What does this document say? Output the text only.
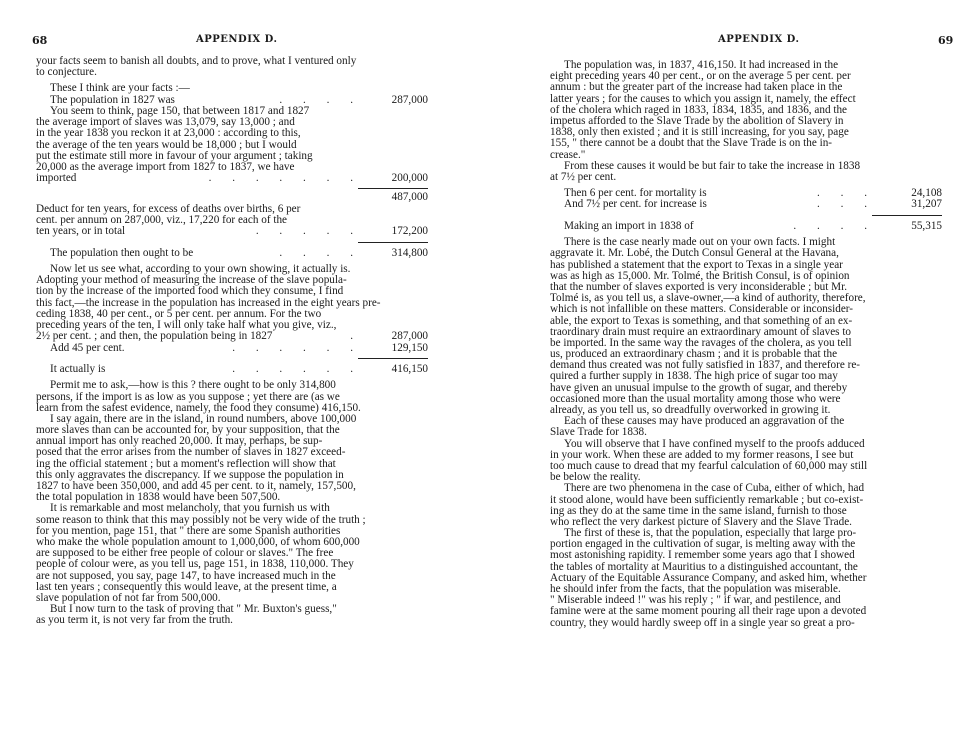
68	APPENDIX D.
your facts seem to banish all doubts, and to prove, what I ventured only
to conjecture.
These I think are your facts :—
The population in 1827 was	. . . .	287,000
You seem to think, page 150, that between 1817 and 1827
the average import of slaves was 13,079, say 13,000 ; and
in the year 1838 you reckon it at 23,000 : according to this,
the average of the ten years would be 18,000 ; but I would
put the estimate still more in favour of your argument ; taking
20,000 as the average import from 1827 to 1837, we have
imported	. . . . . . .	200,000
487,000
Deduct for ten years, for excess of deaths over births, 6 per
cent. per annum on 287,000, viz., 17,220 for each of the
ten years, or in total	. . . . .	172,200
The population then ought to be	. . . .	314,800
Now let us see what, according to your own showing, it actually is.
Adopting your method of measuring the increase of the slave popula-
tion by the increase of the imported food which they consume, I find
this fact,—the increase in the population has increased in the eight years pre-
ceding 1838, 40 per cent., or 5 per cent. per annum. For the two
preceding years of the ten, I will only take half what you give, viz.,
2½ per cent. ; and then, the population being in 1827	.	287,000
Add 45 per cent.	. . . . . .	129,150
It actually is	. . . . . .	416,150
Permit me to ask,—how is this ? there ought to be only 314,800
persons, if the import is as low as you suppose ; yet there are (as we
learn from the safest evidence, namely, the food they consume) 416,150.
I say again, there are in the island, in round numbers, above 100,000
more slaves than can be accounted for, by your supposition, that the
annual import has only reached 20,000. It may, perhaps, be sup-
posed that the error arises from the number of slaves in 1827 exceed-
ing the official statement ; but a moment's reflection will show that
this only aggravates the discrepancy. If we suppose the population in
1827 to have been 350,000, and add 45 per cent. to it, namely, 157,500,
the total population in 1838 would have been 507,500.
It is remarkable and most melancholy, that you furnish us with
some reason to think that this may possibly not be very wide of the truth ;
for you mention, page 151, that " there are some Spanish authorities
who make the whole population amount to 1,000,000, of whom 600,000
are supposed to be either free people of colour or slaves." The free
people of colour were, as you tell us, page 151, in 1838, 110,000. They
are not supposed, you say, page 147, to have increased much in the
last ten years ; consequently this would leave, at the present time, a
slave population of not far from 500,000.
But I now turn to the task of proving that " Mr. Buxton's guess,"
as you term it, is not very far from the truth.
APPENDIX D.	69
The population was, in 1837, 416,150. It had increased in the
eight preceding years 40 per cent., or on the average 5 per cent. per
annum : but the greater part of the increase had taken place in the
latter years ; for the causes to which you assign it, namely, the effect
of the cholera which raged in 1833, 1834, 1835, and 1836, and the
impetus afforded to the Slave Trade by the abolition of Slavery in
1838, only then existed ; and it is still increasing, for you say, page
155, " there cannot be a doubt that the Slave Trade is on the in-
crease."
From these causes it would be but fair to take the increase in 1838
at 7½ per cent.
Then 6 per cent. for mortality is	. . .	24,108
And 7½ per cent. for increase is	. . .	31,207
Making an import in 1838 of	. . . .	55,315
There is the case nearly made out on your own facts. I might
aggravate it. Mr. Lobé, the Dutch Consul General at the Havana,
has published a statement that the export to Texas in a single year
was as high as 15,000. Mr. Tolmé, the British Consul, is of opinion
that the number of slaves exported is very inconsiderable ; but Mr.
Tolmé is, as you tell us, a slave-owner,—a kind of authority, therefore,
which is not infallible on these matters. Considerable or inconsider-
able, the export to Texas is something, and that something of an ex-
traordinary drain must require an extraordinary amount of slaves to
be imported. In the same way the ravages of the cholera, as you tell
us, produced an extraordinary chasm ; and it is probable that the
demand thus created was not fully satisfied in 1837, and therefore re-
quired a further supply in 1838. The high price of sugar too may
have given an unusual impulse to the growth of sugar, and thereby
occasioned more than the usual mortality among those who were
already, as you tell us, so dreadfully overworked in growing it.
Each of these causes may have produced an aggravation of the
Slave Trade for 1838.
You will observe that I have confined myself to the proofs adduced
in your work. When these are added to my former reasons, I see but
too much cause to dread that my fearful calculation of 60,000 may still
be below the reality.
There are two phenomena in the case of Cuba, either of which, had
it stood alone, would have been sufficiently remarkable ; but co-exist-
ing as they do at the same time in the same island, furnish to those
who reflect the very darkest picture of Slavery and the Slave Trade.
The first of these is, that the population, especially that large pro-
portion engaged in the cultivation of sugar, is melting away with the
most astonishing rapidity. I remember some years ago that I showed
the tables of mortality at Mauritius to a distinguished accountant, the
Actuary of the Equitable Assurance Company, and asked him, whether
he should infer from the facts, that the population was miserable.
" Miserable indeed !" was his reply ; " if war, and pestilence, and
famine were at the same moment pouring all their rage upon a devoted
country, they would hardly sweep off in a single year so great a pro-
